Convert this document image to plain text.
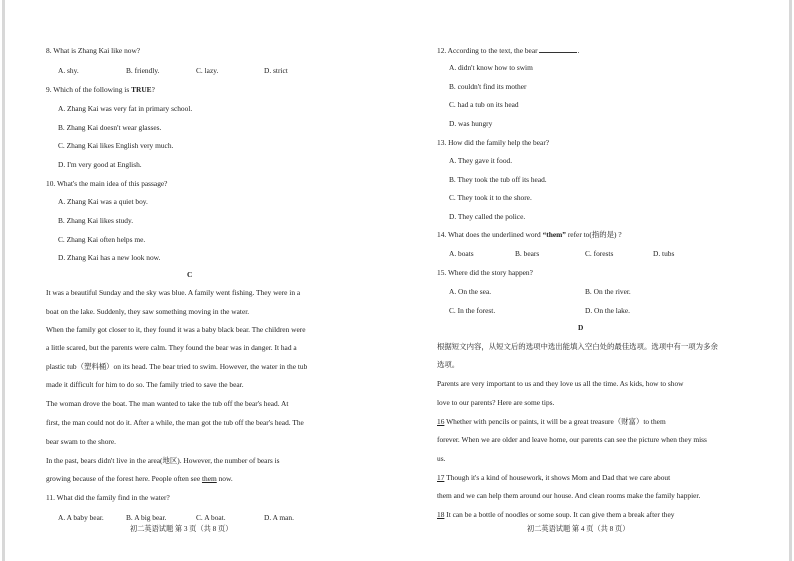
8. What is Zhang Kai like now?
A. shy.	B. friendly.	C. lazy.	D. strict
9. Which of the following is TRUE?
A. Zhang Kai was very fat in primary school.
B. Zhang Kai doesn't wear glasses.
C. Zhang Kai likes English very much.
D. I'm very good at English.
10. What's the main idea of this passage?
A. Zhang Kai was a quiet boy.
B. Zhang Kai likes study.
C. Zhang Kai often helps me.
D. Zhang Kai has a new look now.
C
It was a beautiful Sunday and the sky was blue. A family went fishing. They were in a
boat on the lake. Suddenly, they saw something moving in the water.
When the family got closer to it, they found it was a baby black bear. The children were
a little scared, but the parents were calm. They found the bear was in danger. It had a
plastic tub（塑料桶）on its head. The bear tried to swim. However, the water in the tub
made it difficult for him to do so. The family tried to save the bear.
The woman drove the boat. The man wanted to take the tub off the bear's head. At
first, the man could not do it. After a while, the man got the tub off the bear's head. The
bear swam to the shore.
In the past, bears didn't live in the area(地区). However, the number of bears is
growing because of the forest here. People often see them now.
11. What did the family find in the water?
A. A baby bear.	B. A big bear.	C. A boat.	D. A man.
初二英语试题 第 3 页（共 8 页）
12. According to the text, the bear	.
A. didn't know how to swim
B. couldn't find its mother
C. had a tub on its head
D. was hungry
13. How did the family help the bear?
A. They gave it food.
B. They took the tub off its head.
C. They took it to the shore.
D. They called the police.
14. What does the underlined word “them” refer to(指的是) ?
A. boats	B. bears	C. forests	D. tubs
15. Where did the story happen?
A. On the sea.	B. On the river.
C. In the forest.	D. On the lake.
D
根据短文内容，从短文后的选项中选出能填入空白处的最佳选项。选项中有一项为多余
选项。
Parents are very important to us and they love us all the time. As kids, how to show
love to our parents? Here are some tips.
16 Whether with pencils or paints, it will be a great treasure（财富）to them
forever. When we are older and leave home, our parents can see the picture when they miss
us.
17 Though it's a kind of housework, it shows Mom and Dad that we care about
them and we can help them around our house. And clean rooms make the family happier.
18 It can be a bottle of noodles or some soup. It can give them a break after they
初二英语试题 第 4 页（共 8 页）
